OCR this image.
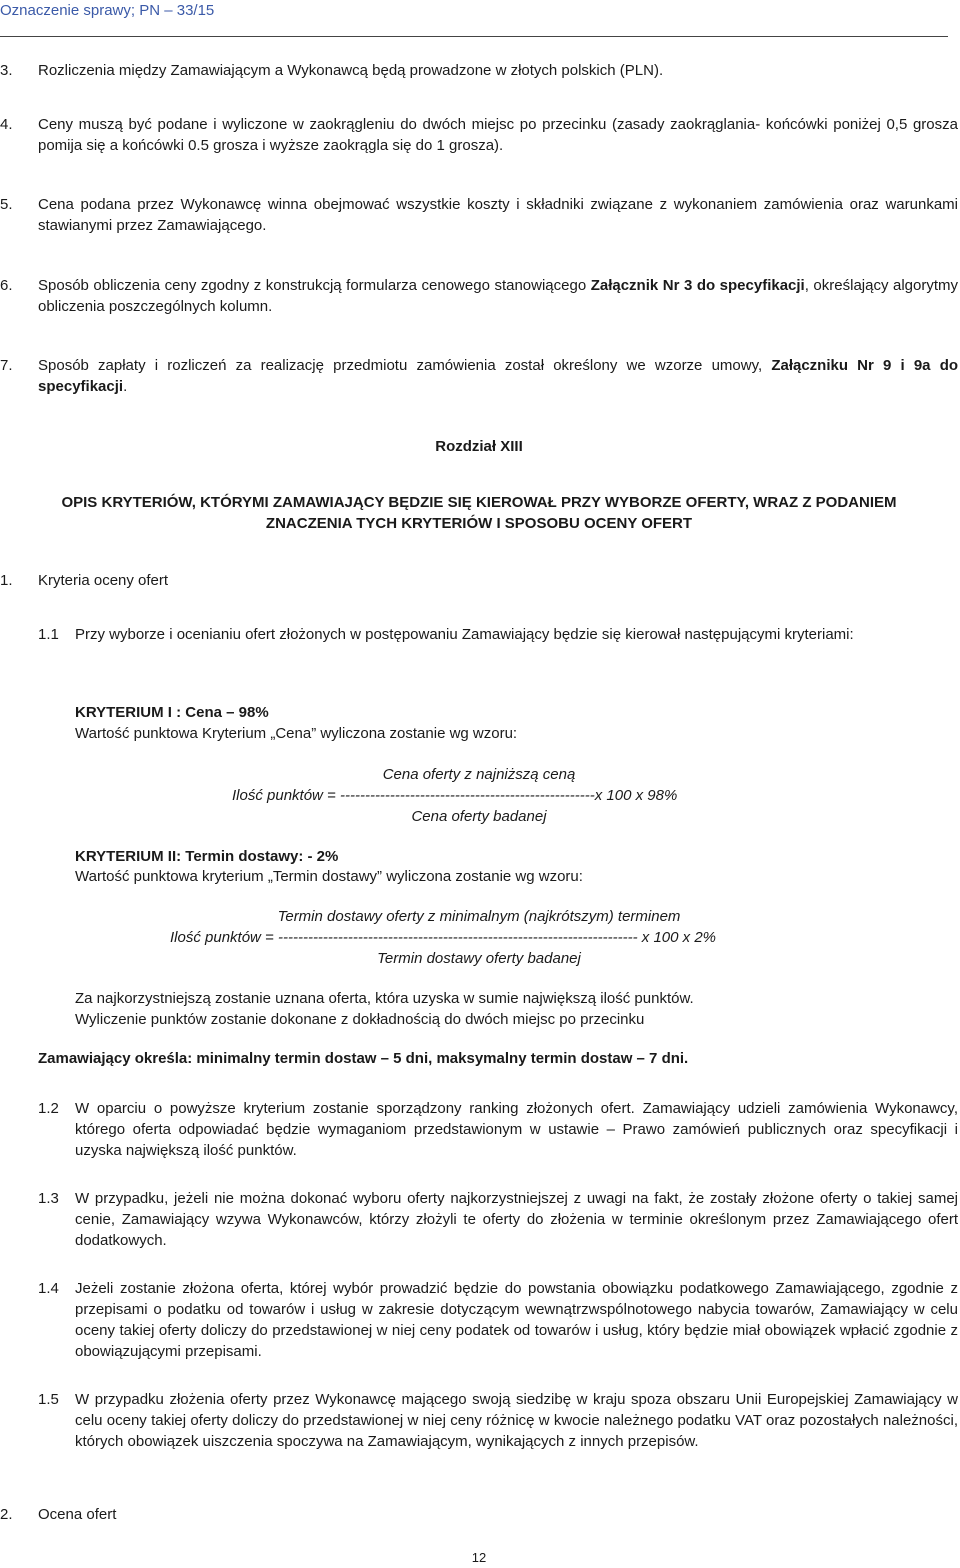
Oznaczenie sprawy; PN – 33/15
3. Rozliczenia między Zamawiającym a Wykonawcą będą prowadzone w złotych polskich (PLN).
4. Ceny muszą być podane i wyliczone w zaokrągleniu do dwóch miejsc po przecinku (zasady zaokrąglania- końcówki poniżej 0,5 grosza pomija się a końcówki 0.5 grosza i wyższe zaokrągla się do 1 grosza).
5. Cena podana przez Wykonawcę winna obejmować wszystkie koszty i składniki związane z wykonaniem zamówienia oraz warunkami stawianymi przez Zamawiającego.
6. Sposób obliczenia ceny zgodny z konstrukcją formularza cenowego stanowiącego Załącznik Nr 3 do specyfikacji, określający algorytmy obliczenia poszczególnych kolumn.
7. Sposób zapłaty i rozliczeń za realizację przedmiotu zamówienia został określony we wzorze umowy, Załączniku Nr 9 i 9a do specyfikacji.
Rozdział XIII
OPIS KRYTERIÓW, KTÓRYMI ZAMAWIAJĄCY BĘDZIE SIĘ KIEROWAŁ PRZY WYBORZE OFERTY, WRAZ Z PODANIEM ZNACZENIA TYCH KRYTERIÓW I SPOSOBU OCENY OFERT
1. Kryteria oceny ofert
1.1	Przy wyborze i ocenianiu ofert złożonych w postępowaniu Zamawiający będzie się kierował następującymi kryteriami:
KRYTERIUM I : Cena – 98%
Wartość punktowa Kryterium „Cena” wyliczona zostanie wg wzoru:
Cena oferty z najniższą ceną
Ilość punktów = ---------------------------------------------------x 100 x 98%
Cena oferty badanej
KRYTERIUM II: Termin dostawy: - 2%
Wartość punktowa kryterium „Termin dostawy” wyliczona zostanie wg wzoru:
Termin dostawy oferty z minimalnym (najkrótszym) terminem
Ilość punktów = ------------------------------------------------------------------------ x 100 x 2%
Termin dostawy oferty badanej
Za najkorzystniejszą zostanie uznana oferta, która uzyska w sumie największą ilość punktów.
Wyliczenie punktów zostanie dokonane z dokładnością do dwóch miejsc po przecinku
Zamawiający określa: minimalny termin dostaw – 5 dni, maksymalny termin dostaw – 7 dni.
1.2	W oparciu o powyższe kryterium zostanie sporządzony ranking złożonych ofert. Zamawiający udzieli zamówienia Wykonawcy, którego oferta odpowiadać będzie wymaganiom przedstawionym w ustawie – Prawo zamówień publicznych oraz specyfikacji i uzyska największą ilość punktów.
1.3	W przypadku, jeżeli nie można dokonać wyboru oferty najkorzystniejszej z uwagi na fakt, że zostały złożone oferty o takiej samej cenie, Zamawiający wzywa Wykonawców, którzy złożyli te oferty do złożenia w terminie określonym przez Zamawiającego ofert dodatkowych.
1.4	Jeżeli zostanie złożona oferta, której wybór prowadzić będzie do powstania obowiązku podatkowego Zamawiającego, zgodnie z przepisami o podatku od towarów i usług w zakresie dotyczącym wewnątrzwspólnotowego nabycia towarów, Zamawiający w celu oceny takiej oferty doliczy do przedstawionej w niej ceny podatek od towarów i usług, który będzie miał obowiązek wpłacić zgodnie z obowiązującymi przepisami.
1.5	W przypadku złożenia oferty przez Wykonawcę mającego swoją siedzibę w kraju spoza obszaru Unii Europejskiej Zamawiający w celu oceny takiej oferty doliczy do przedstawionej w niej ceny różnicę w kwocie należnego podatku VAT oraz pozostałych należności, których obowiązek uiszczenia spoczywa na Zamawiającym, wynikających z innych przepisów.
2. Ocena ofert
12
